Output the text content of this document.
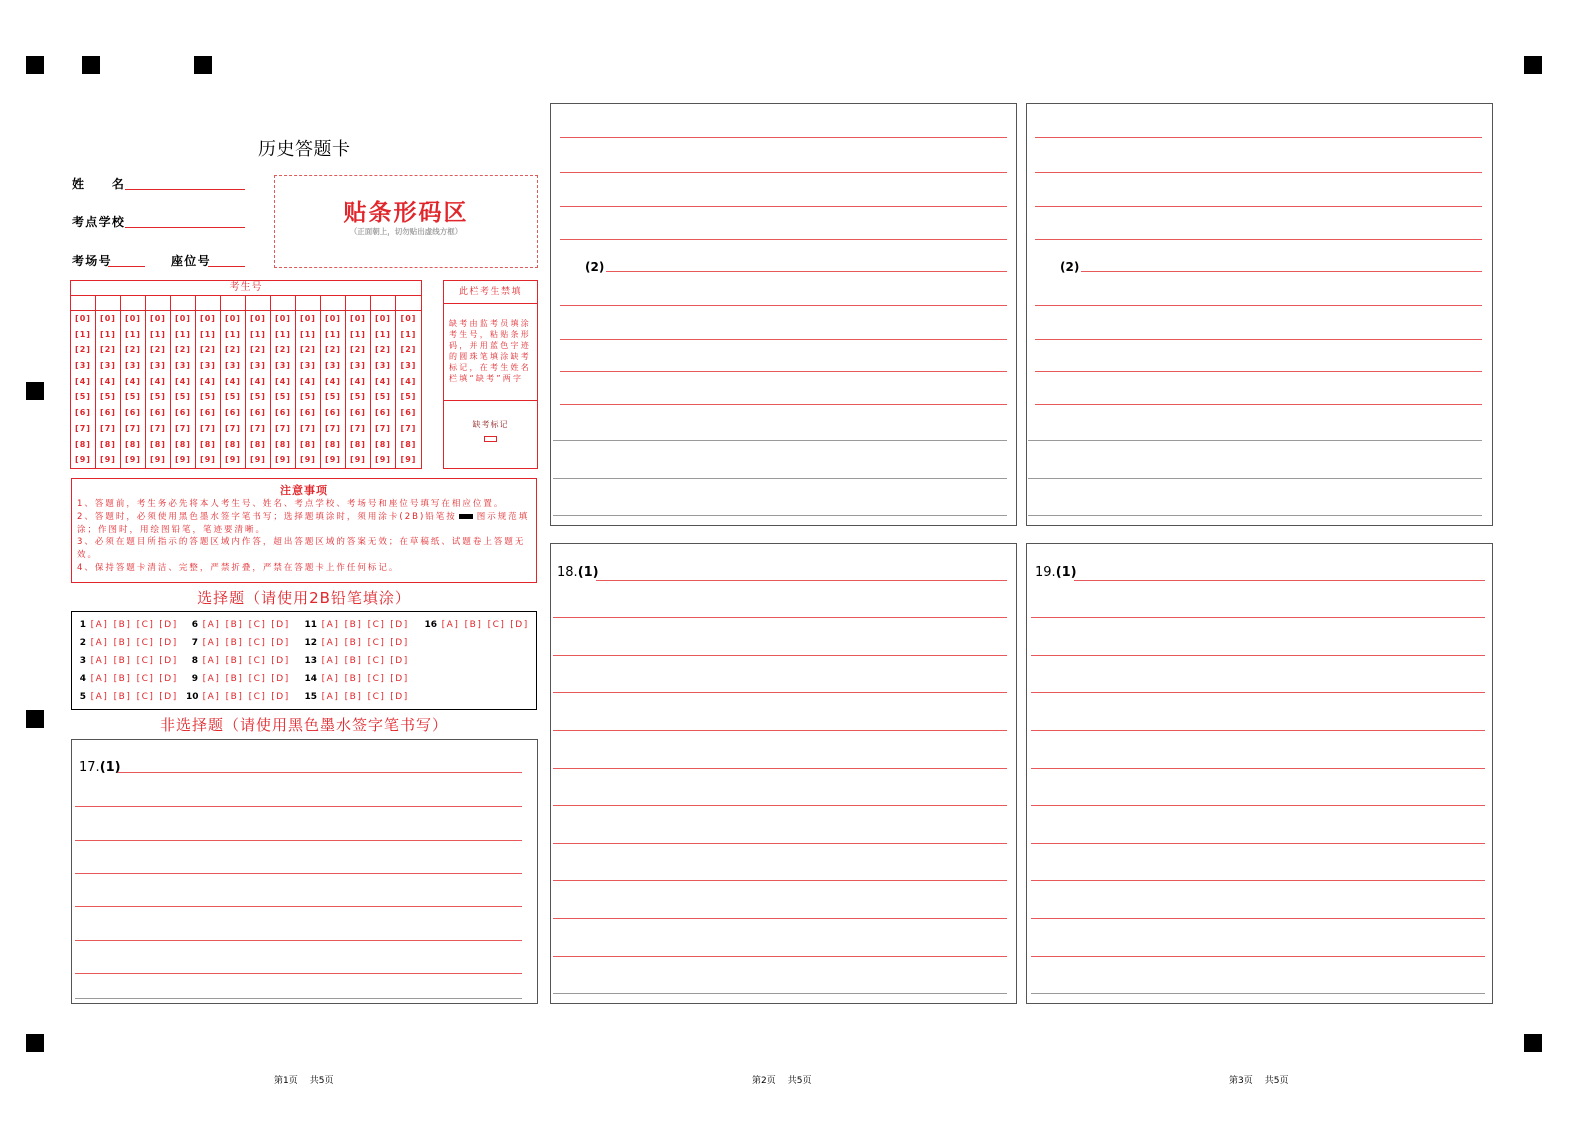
历史答题卡
姓　　名
考点学校
考场号	座位号
贴条形码区
（正面朝上，切勿贴出虚线方框）
考生号
[0]	[0]	[0]	[0]	[0]	[0]	[0]	[0]	[0]	[0]	[0]	[0]	[0]	[0]
[1]	[1]	[1]	[1]	[1]	[1]	[1]	[1]	[1]	[1]	[1]	[1]	[1]	[1]
[2]	[2]	[2]	[2]	[2]	[2]	[2]	[2]	[2]	[2]	[2]	[2]	[2]	[2]
[3]	[3]	[3]	[3]	[3]	[3]	[3]	[3]	[3]	[3]	[3]	[3]	[3]	[3]
[4]	[4]	[4]	[4]	[4]	[4]	[4]	[4]	[4]	[4]	[4]	[4]	[4]	[4]
[5]	[5]	[5]	[5]	[5]	[5]	[5]	[5]	[5]	[5]	[5]	[5]	[5]	[5]
[6]	[6]	[6]	[6]	[6]	[6]	[6]	[6]	[6]	[6]	[6]	[6]	[6]	[6]
[7]	[7]	[7]	[7]	[7]	[7]	[7]	[7]	[7]	[7]	[7]	[7]	[7]	[7]
[8]	[8]	[8]	[8]	[8]	[8]	[8]	[8]	[8]	[8]	[8]	[8]	[8]	[8]
[9]	[9]	[9]	[9]	[9]	[9]	[9]	[9]	[9]	[9]	[9]	[9]	[9]	[9]
此栏考生禁填
缺考由监考员填涂考生号，粘贴条形码，并用蓝色字迹的圆珠笔填涂缺考标记，在考生姓名栏填“缺考”两字
缺考标记
注意事项
1、答题前，考生务必先将本人考生号、姓名、考点学校、考场号和座位号填写在相应位置。
2、答题时，必须使用黑色墨水签字笔书写；选择题填涂时，须用涂卡(2B)铅笔按 图示规范填涂；作图时，用绘图铅笔，笔迹要清晰。
3、必须在题目所指示的答题区域内作答，超出答题区域的答案无效；在草稿纸、试题卷上答题无效。
4、保持答题卡清洁、完整，严禁折叠，严禁在答题卡上作任何标记。
选择题（请使用2B铅笔填涂）
1 [A] [B] [C] [D]
2 [A] [B] [C] [D]
3 [A] [B] [C] [D]
4 [A] [B] [C] [D]
5 [A] [B] [C] [D]
6 [A] [B] [C] [D]
7 [A] [B] [C] [D]
8 [A] [B] [C] [D]
9 [A] [B] [C] [D]
10 [A] [B] [C] [D]
11 [A] [B] [C] [D]
12 [A] [B] [C] [D]
13 [A] [B] [C] [D]
14 [A] [B] [C] [D]
15 [A] [B] [C] [D]
16 [A] [B] [C] [D]
非选择题（请使用黑色墨水签字笔书写）
17.(1)
(2)
18.(1)
(2)
19.(1)
第1页 共5页	第2页 共5页	第3页 共5页
